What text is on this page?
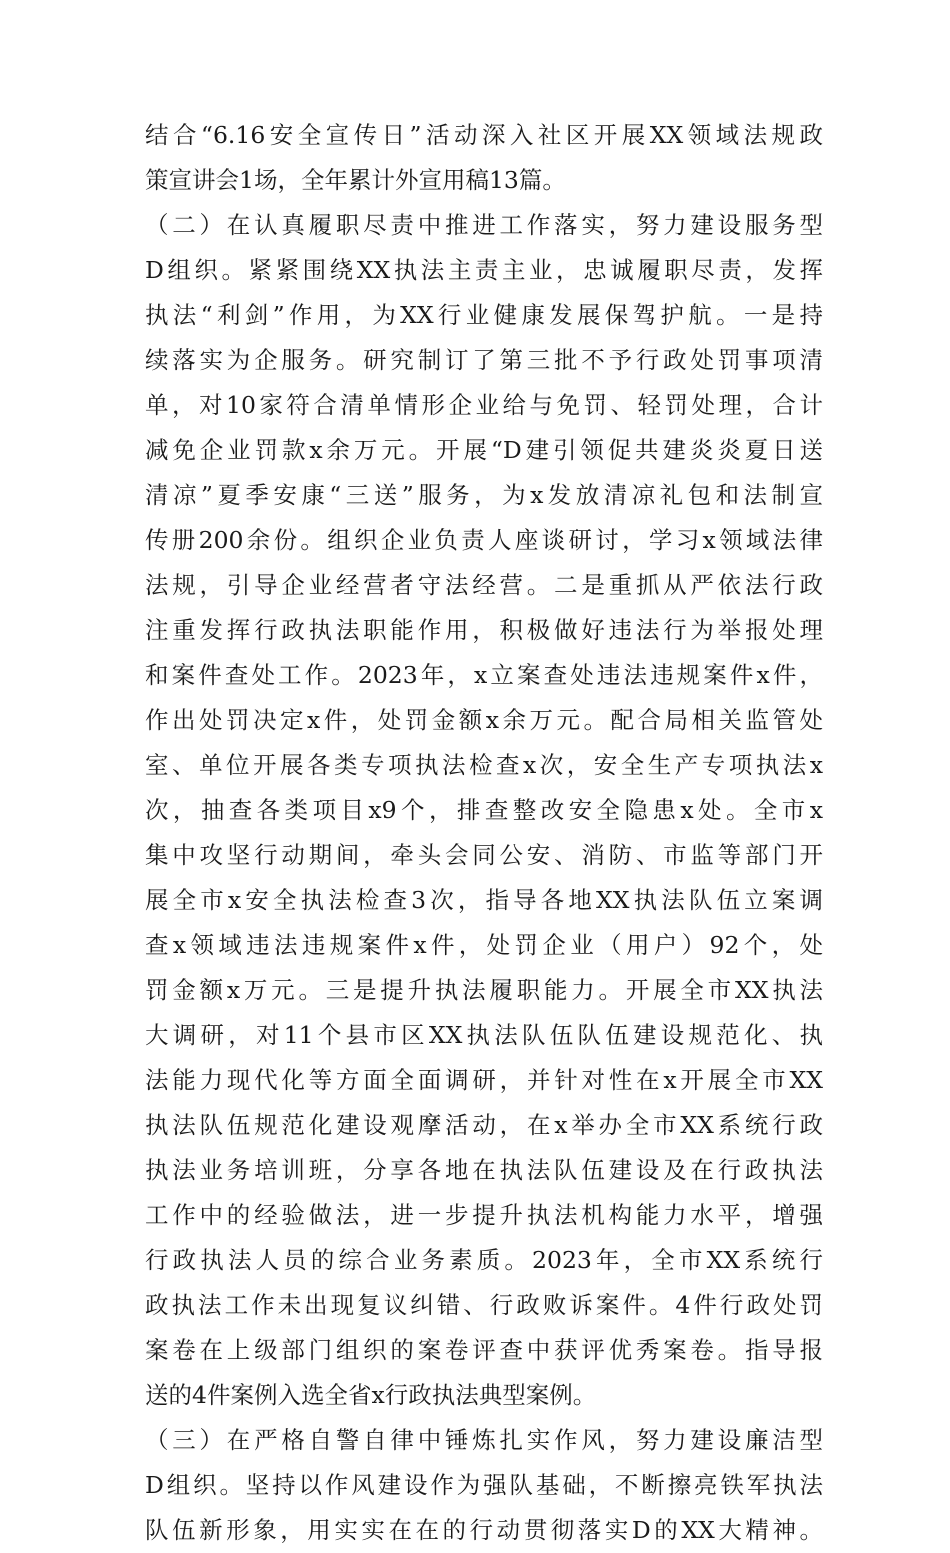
结合“6.16安全宣传日”活动深入社区开展XX领域法规政
策宣讲会1场，全年累计外宣用稿13篇。
（二）在认真履职尽责中推进工作落实，努力建设服务型
D组织。紧紧围绕XX执法主责主业，忠诚履职尽责，发挥
执法“利剑”作用，为XX行业健康发展保驾护航。一是持
续落实为企服务。研究制订了第三批不予行政处罚事项清
单，对10家符合清单情形企业给与免罚、轻罚处理，合计
减免企业罚款x余万元。开展“D建引领促共建炎炎夏日送
清凉”夏季安康“三送”服务，为x发放清凉礼包和法制宣
传册200余份。组织企业负责人座谈研讨，学习x领域法律
法规，引导企业经营者守法经营。二是重抓从严依法行政
注重发挥行政执法职能作用，积极做好违法行为举报处理
和案件查处工作。2023年，x立案查处违法违规案件x件，
作出处罚决定x件，处罚金额x余万元。配合局相关监管处
室、单位开展各类专项执法检查x次，安全生产专项执法x
次，抽查各类项目x9个，排查整改安全隐患x处。全市x
集中攻坚行动期间，牵头会同公安、消防、市监等部门开
展全市x安全执法检查3次，指导各地XX执法队伍立案调
查x领域违法违规案件x件，处罚企业（用户）92个，处
罚金额x万元。三是提升执法履职能力。开展全市XX执法
大调研，对11个县市区XX执法队伍队伍建设规范化、执
法能力现代化等方面全面调研，并针对性在x开展全市XX
执法队伍规范化建设观摩活动，在x举办全市XX系统行政
执法业务培训班，分享各地在执法队伍建设及在行政执法
工作中的经验做法，进一步提升执法机构能力水平，增强
行政执法人员的综合业务素质。2023年，全市XX系统行
政执法工作未出现复议纠错、行政败诉案件。4件行政处罚
案卷在上级部门组织的案卷评查中获评优秀案卷。指导报
送的4件案例入选全省x行政执法典型案例。
（三）在严格自警自律中锤炼扎实作风，努力建设廉洁型
D组织。坚持以作风建设作为强队基础，不断擦亮铁军执法
队伍新形象，用实实在在的行动贯彻落实D的XX大精神。
